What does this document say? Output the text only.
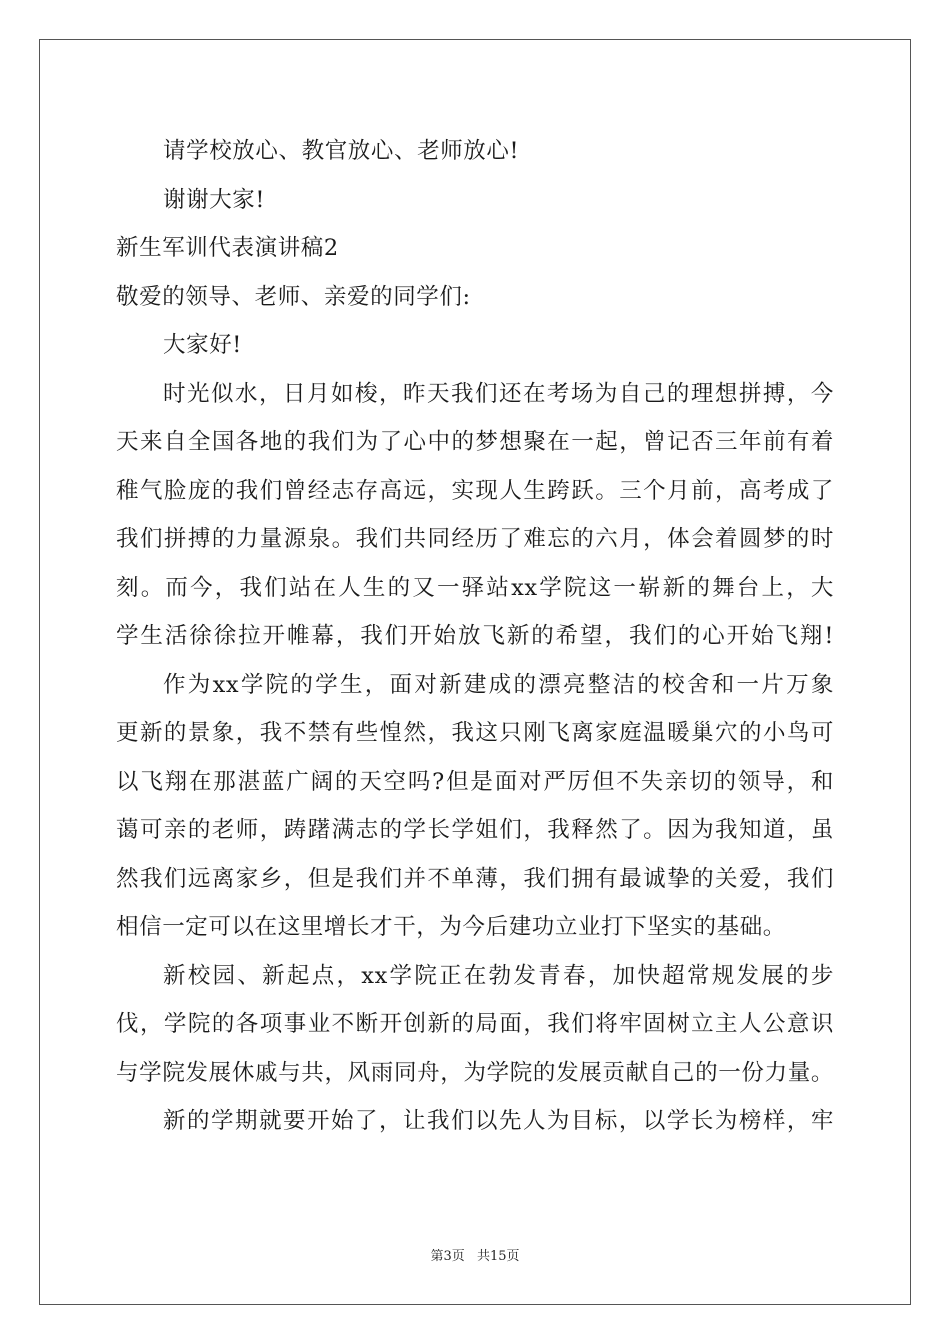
请学校放心、教官放心、老师放心!
谢谢大家!
新生军训代表演讲稿2
敬爱的领导、老师、亲爱的同学们:
大家好!
时光似水，日月如梭，昨天我们还在考场为自己的理想拼搏，今
天来自全国各地的我们为了心中的梦想聚在一起，曾记否三年前有着
稚气脸庞的我们曾经志存高远，实现人生跨跃。三个月前，高考成了
我们拼搏的力量源泉。我们共同经历了难忘的六月，体会着圆梦的时
刻。而今，我们站在人生的又一驿站xx学院这一崭新的舞台上，大
学生活徐徐拉开帷幕，我们开始放飞新的希望，我们的心开始飞翔!
作为xx学院的学生，面对新建成的漂亮整洁的校舍和一片万象
更新的景象，我不禁有些惶然，我这只刚飞离家庭温暖巢穴的小鸟可
以飞翔在那湛蓝广阔的天空吗?但是面对严厉但不失亲切的领导，和
蔼可亲的老师，踌躇满志的学长学姐们，我释然了。因为我知道，虽
然我们远离家乡，但是我们并不单薄，我们拥有最诚挚的关爱，我们
相信一定可以在这里增长才干，为今后建功立业打下坚实的基础。
新校园、新起点，xx学院正在勃发青春，加快超常规发展的步
伐，学院的各项事业不断开创新的局面，我们将牢固树立主人公意识
与学院发展休戚与共，风雨同舟，为学院的发展贡献自己的一份力量。
新的学期就要开始了，让我们以先人为目标，以学长为榜样，牢
第3页 共15页
